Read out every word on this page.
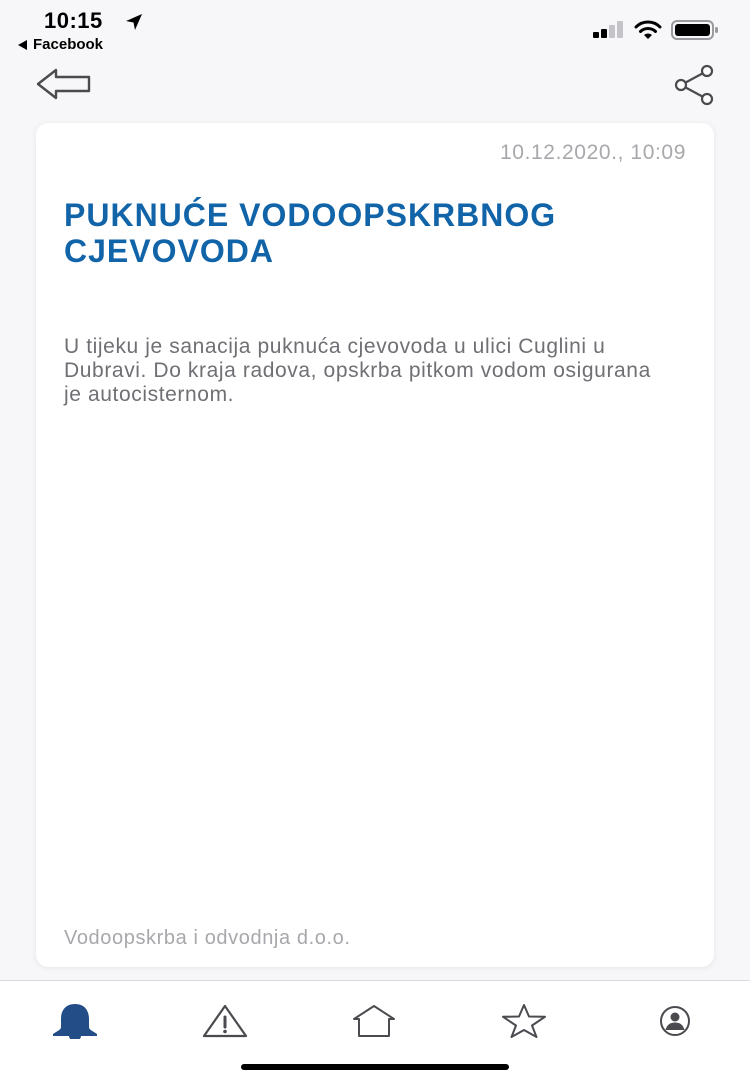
10:15
Facebook
10.12.2020., 10:09
PUKNUĆE VODOOPSKRBNOG CJEVOVODA

U tijeku je sanacija puknuća cjevovoda u ulici Cuglini u Dubravi. Do kraja radova, opskrba pitkom vodom osigurana je autocisternom.

Vodoopskrba i odvodnja d.o.o.
